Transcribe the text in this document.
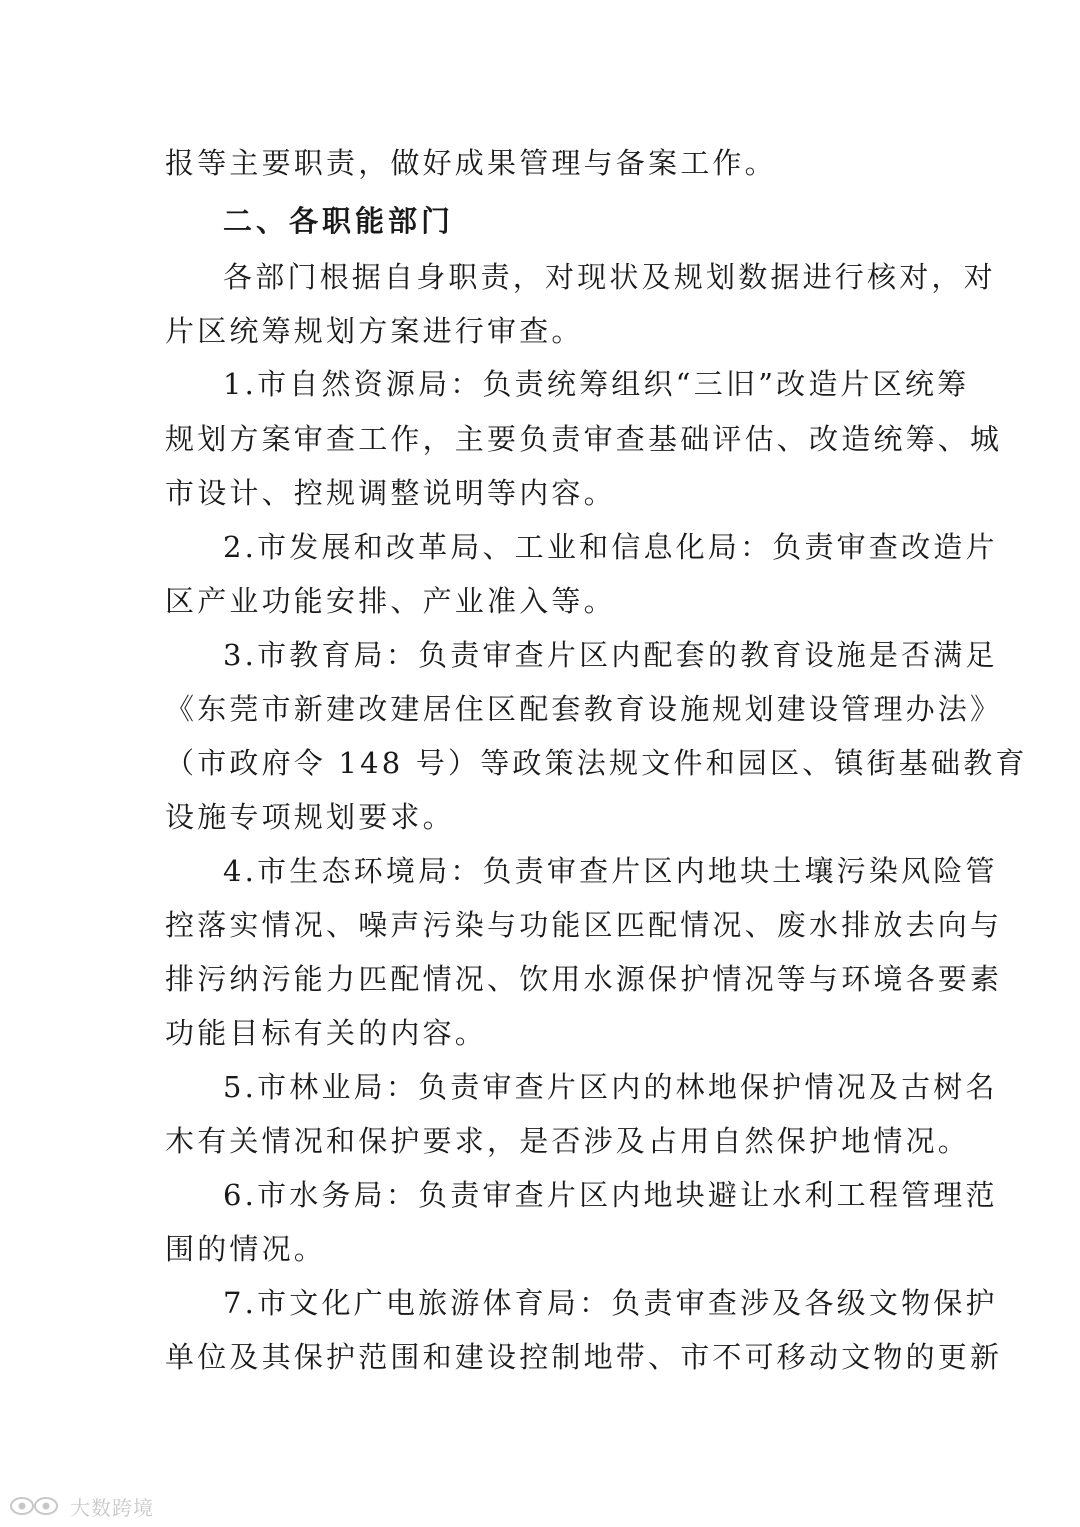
报等主要职责，做好成果管理与备案工作。
二、各职能部门
各部门根据自身职责，对现状及规划数据进行核对，对
片区统筹规划方案进行审查。
1.市自然资源局：负责统筹组织“三旧”改造片区统筹
规划方案审查工作，主要负责审查基础评估、改造统筹、城
市设计、控规调整说明等内容。
2.市发展和改革局、工业和信息化局：负责审查改造片
区产业功能安排、产业准入等。
3.市教育局：负责审查片区内配套的教育设施是否满足
《东莞市新建改建居住区配套教育设施规划建设管理办法》
（市政府令 148 号）等政策法规文件和园区、镇街基础教育
设施专项规划要求。
4.市生态环境局：负责审查片区内地块土壤污染风险管
控落实情况、噪声污染与功能区匹配情况、废水排放去向与
排污纳污能力匹配情况、饮用水源保护情况等与环境各要素
功能目标有关的内容。
5.市林业局：负责审查片区内的林地保护情况及古树名
木有关情况和保护要求，是否涉及占用自然保护地情况。
6.市水务局：负责审查片区内地块避让水利工程管理范
围的情况。
7.市文化广电旅游体育局：负责审查涉及各级文物保护
单位及其保护范围和建设控制地带、市不可移动文物的更新
大数跨境
